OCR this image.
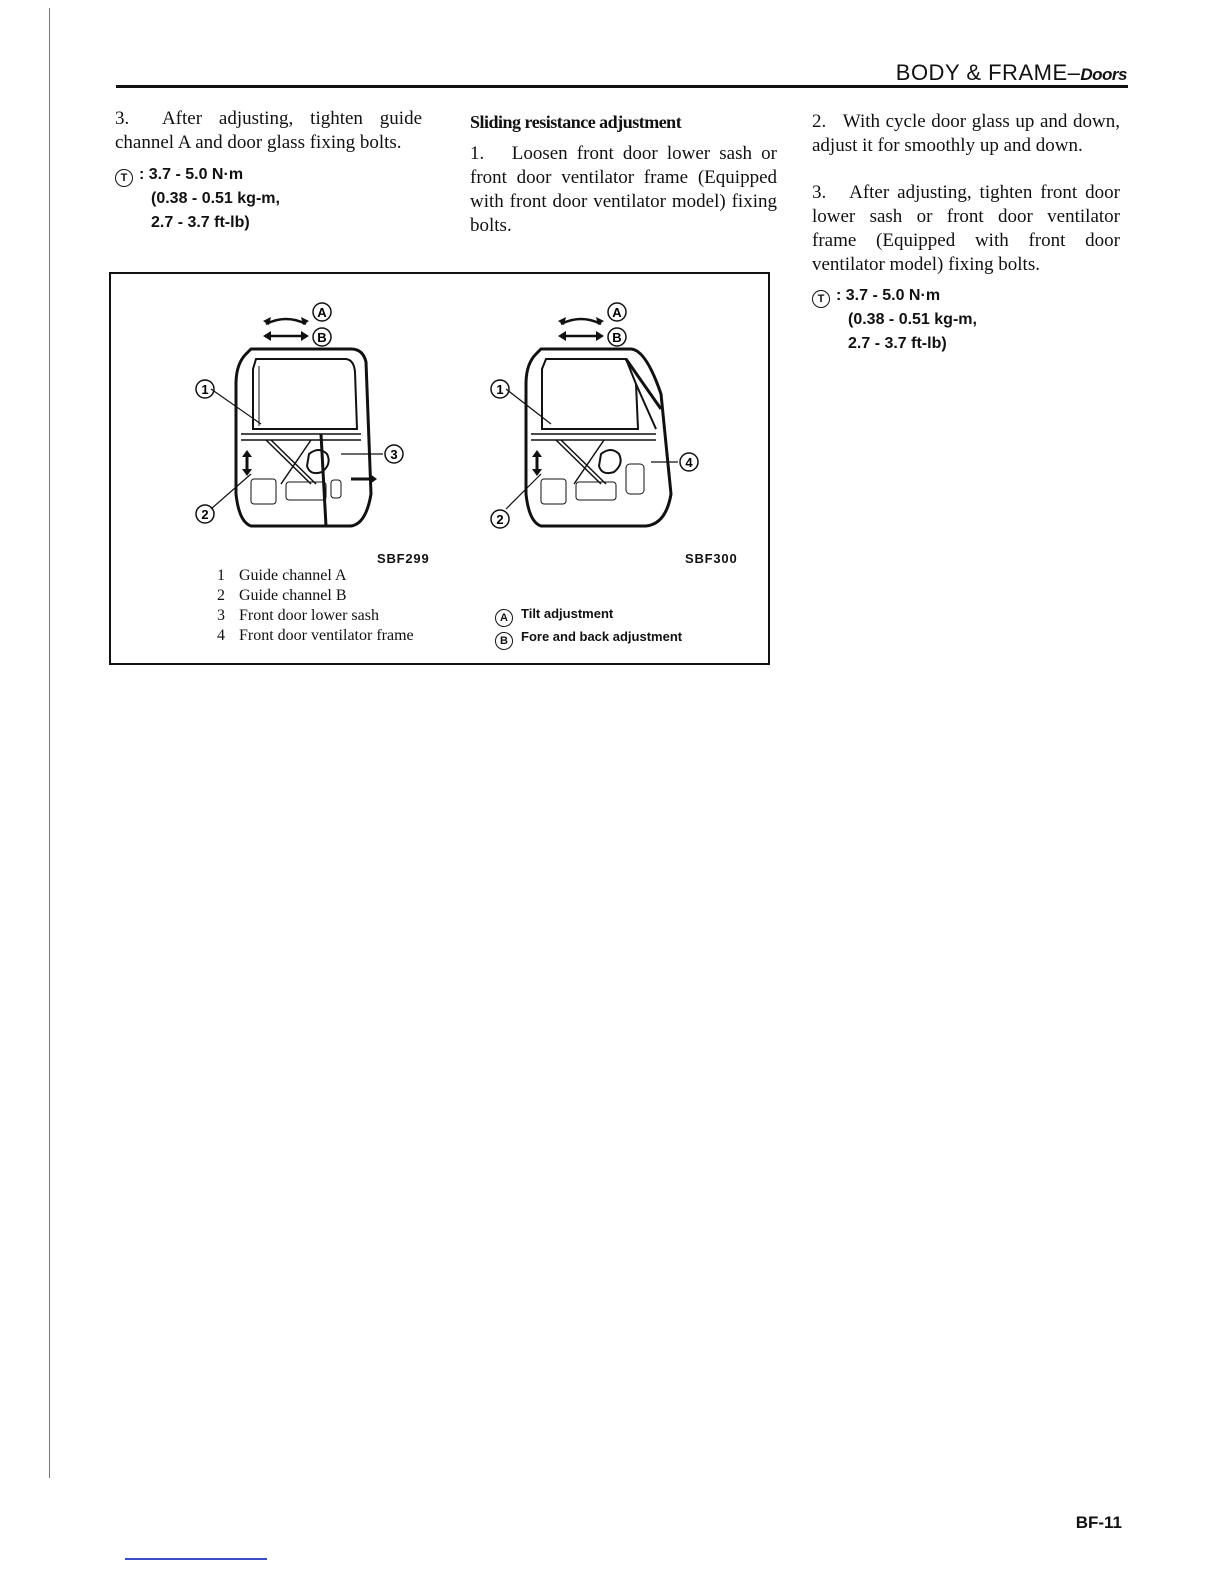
BODY & FRAME–Doors
3. After adjusting, tighten guide channel A and door glass fixing bolts.
T : 3.7 - 5.0 N·m
(0.38 - 0.51 kg-m,
2.7 - 3.7 ft-lb)
Sliding resistance adjustment
1. Loosen front door lower sash or front door ventilator frame (Equipped with front door ventilator model) fixing bolts.
2. With cycle door glass up and down, adjust it for smoothly up and down.
3. After adjusting, tighten front door lower sash or front door ventilator frame (Equipped with front door ventilator model) fixing bolts.
T : 3.7 - 5.0 N·m
(0.38 - 0.51 kg-m,
2.7 - 3.7 ft-lb)
A
B
1
2
3
A
B
1
2
4
SBF299	SBF300
1 Guide channel A
2 Guide channel B
3 Front door lower sash
4 Front door ventilator frame
A Tilt adjustment
B Fore and back adjustment
BF-11
